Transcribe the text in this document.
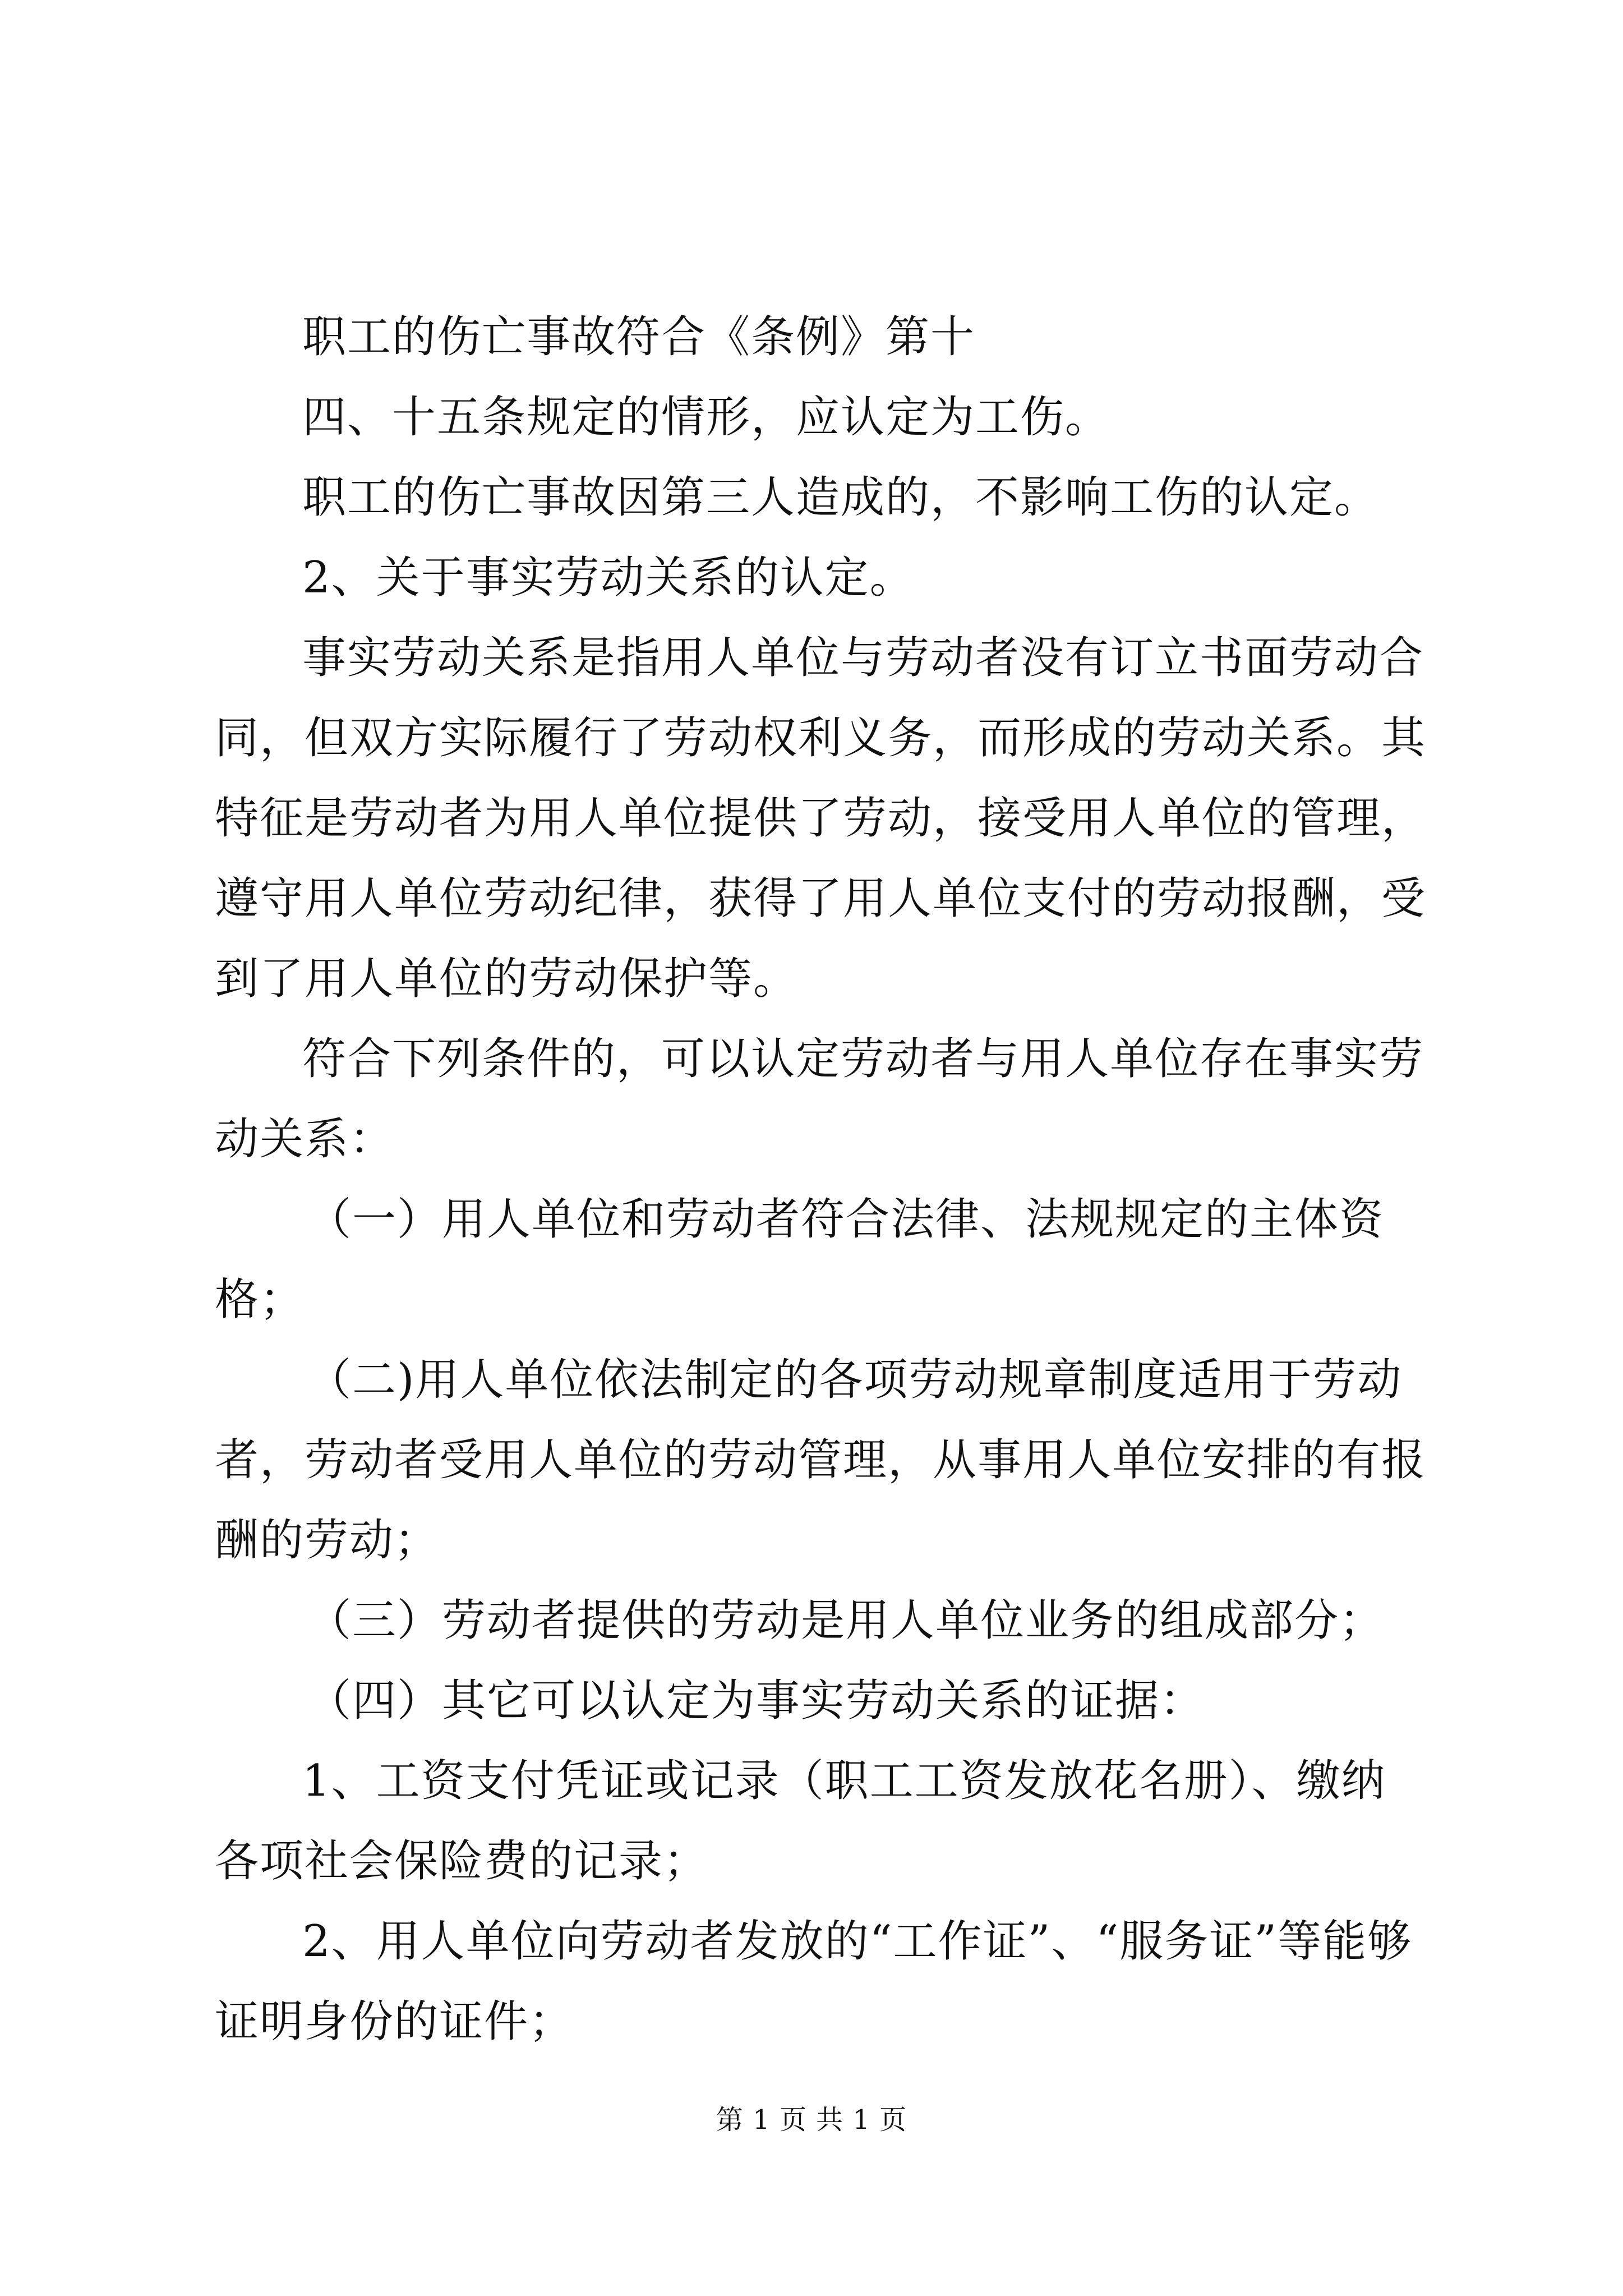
职工的伤亡事故符合《条例》第十

四、十五条规定的情形，应认定为工伤。

职工的伤亡事故因第三人造成的，不影响工伤的认定。

2、关于事实劳动关系的认定。

事实劳动关系是指用人单位与劳动者没有订立书面劳动合同，但双方实际履行了劳动权利义务，而形成的劳动关系。其特征是劳动者为用人单位提供了劳动，接受用人单位的管理，遵守用人单位劳动纪律，获得了用人单位支付的劳动报酬，受到了用人单位的劳动保护等。

符合下列条件的，可以认定劳动者与用人单位存在事实劳动关系：

（一）用人单位和劳动者符合法律、法规规定的主体资格；

（二)用人单位依法制定的各项劳动规章制度适用于劳动者，劳动者受用人单位的劳动管理，从事用人单位安排的有报酬的劳动；

（三）劳动者提供的劳动是用人单位业务的组成部分；

（四）其它可以认定为事实劳动关系的证据：

1、工资支付凭证或记录（职工工资发放花名册）、缴纳各项社会保险费的记录；

2、用人单位向劳动者发放的“工作证”、“服务证”等能够证明身份的证件；

第 1 页 共 1 页
